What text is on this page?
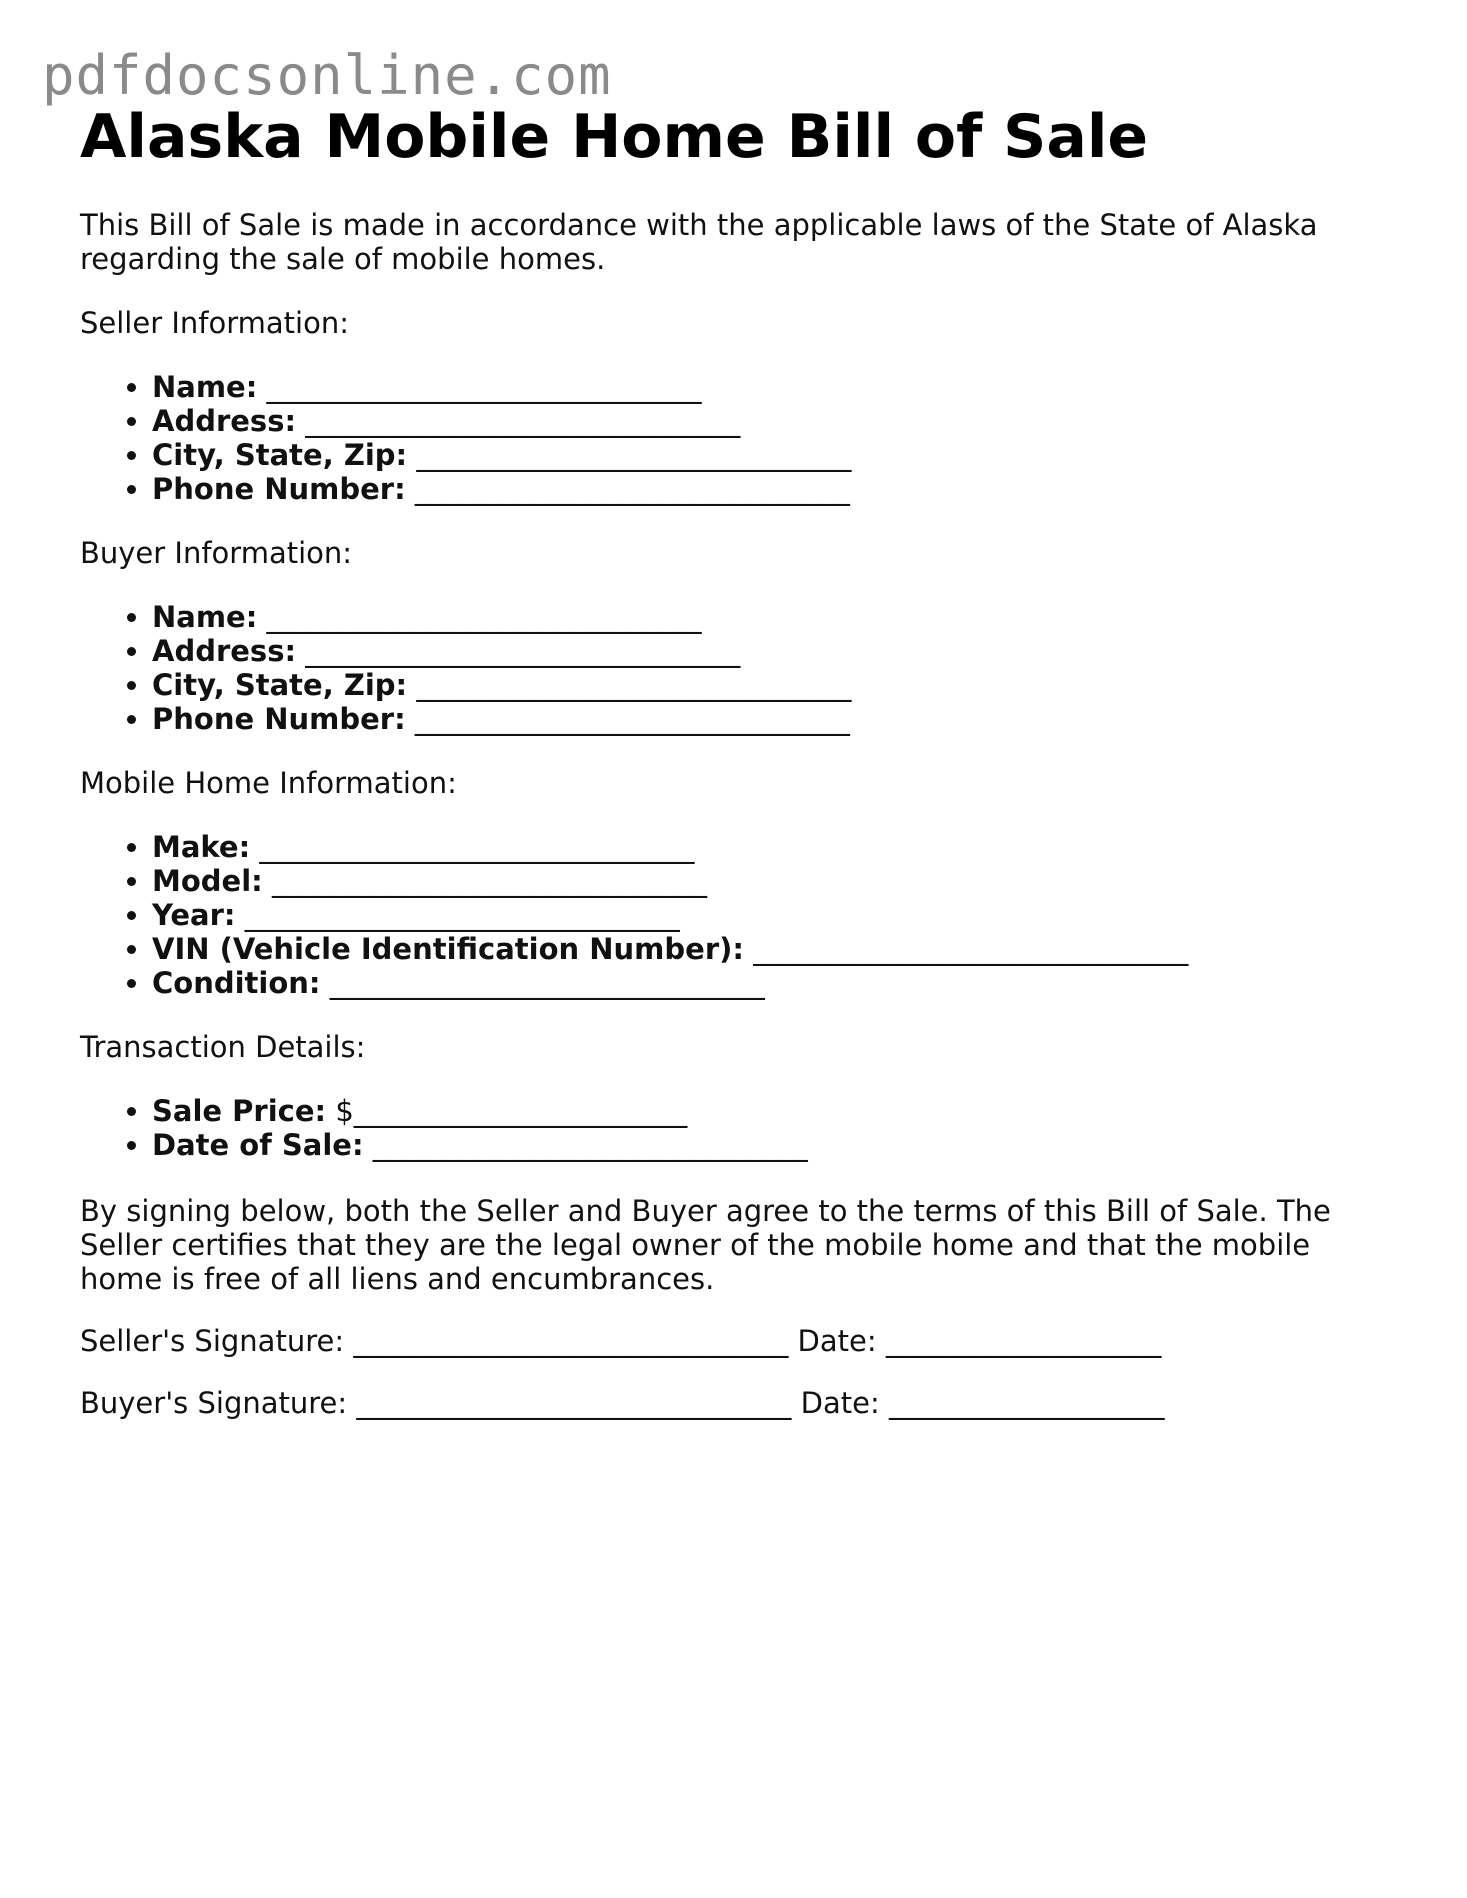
pdfdocsonline.com
Alaska Mobile Home Bill of Sale

This Bill of Sale is made in accordance with the applicable laws of the State of Alaska regarding the sale of mobile homes.

Seller Information:

• Name: ______________________________
• Address: ______________________________
• City, State, Zip: ______________________________
• Phone Number: ______________________________

Buyer Information:

• Name: ______________________________
• Address: ______________________________
• City, State, Zip: ______________________________
• Phone Number: ______________________________

Mobile Home Information:

• Make: ______________________________
• Model: ______________________________
• Year: ______________________________
• VIN (Vehicle Identification Number): ______________________________
• Condition: ______________________________

Transaction Details:

• Sale Price: $_______________________
• Date of Sale: ______________________________

By signing below, both the Seller and Buyer agree to the terms of this Bill of Sale. The Seller certifies that they are the legal owner of the mobile home and that the mobile home is free of all liens and encumbrances.

Seller's Signature: ______________________________ Date: ___________________

Buyer's Signature: ______________________________ Date: ___________________
